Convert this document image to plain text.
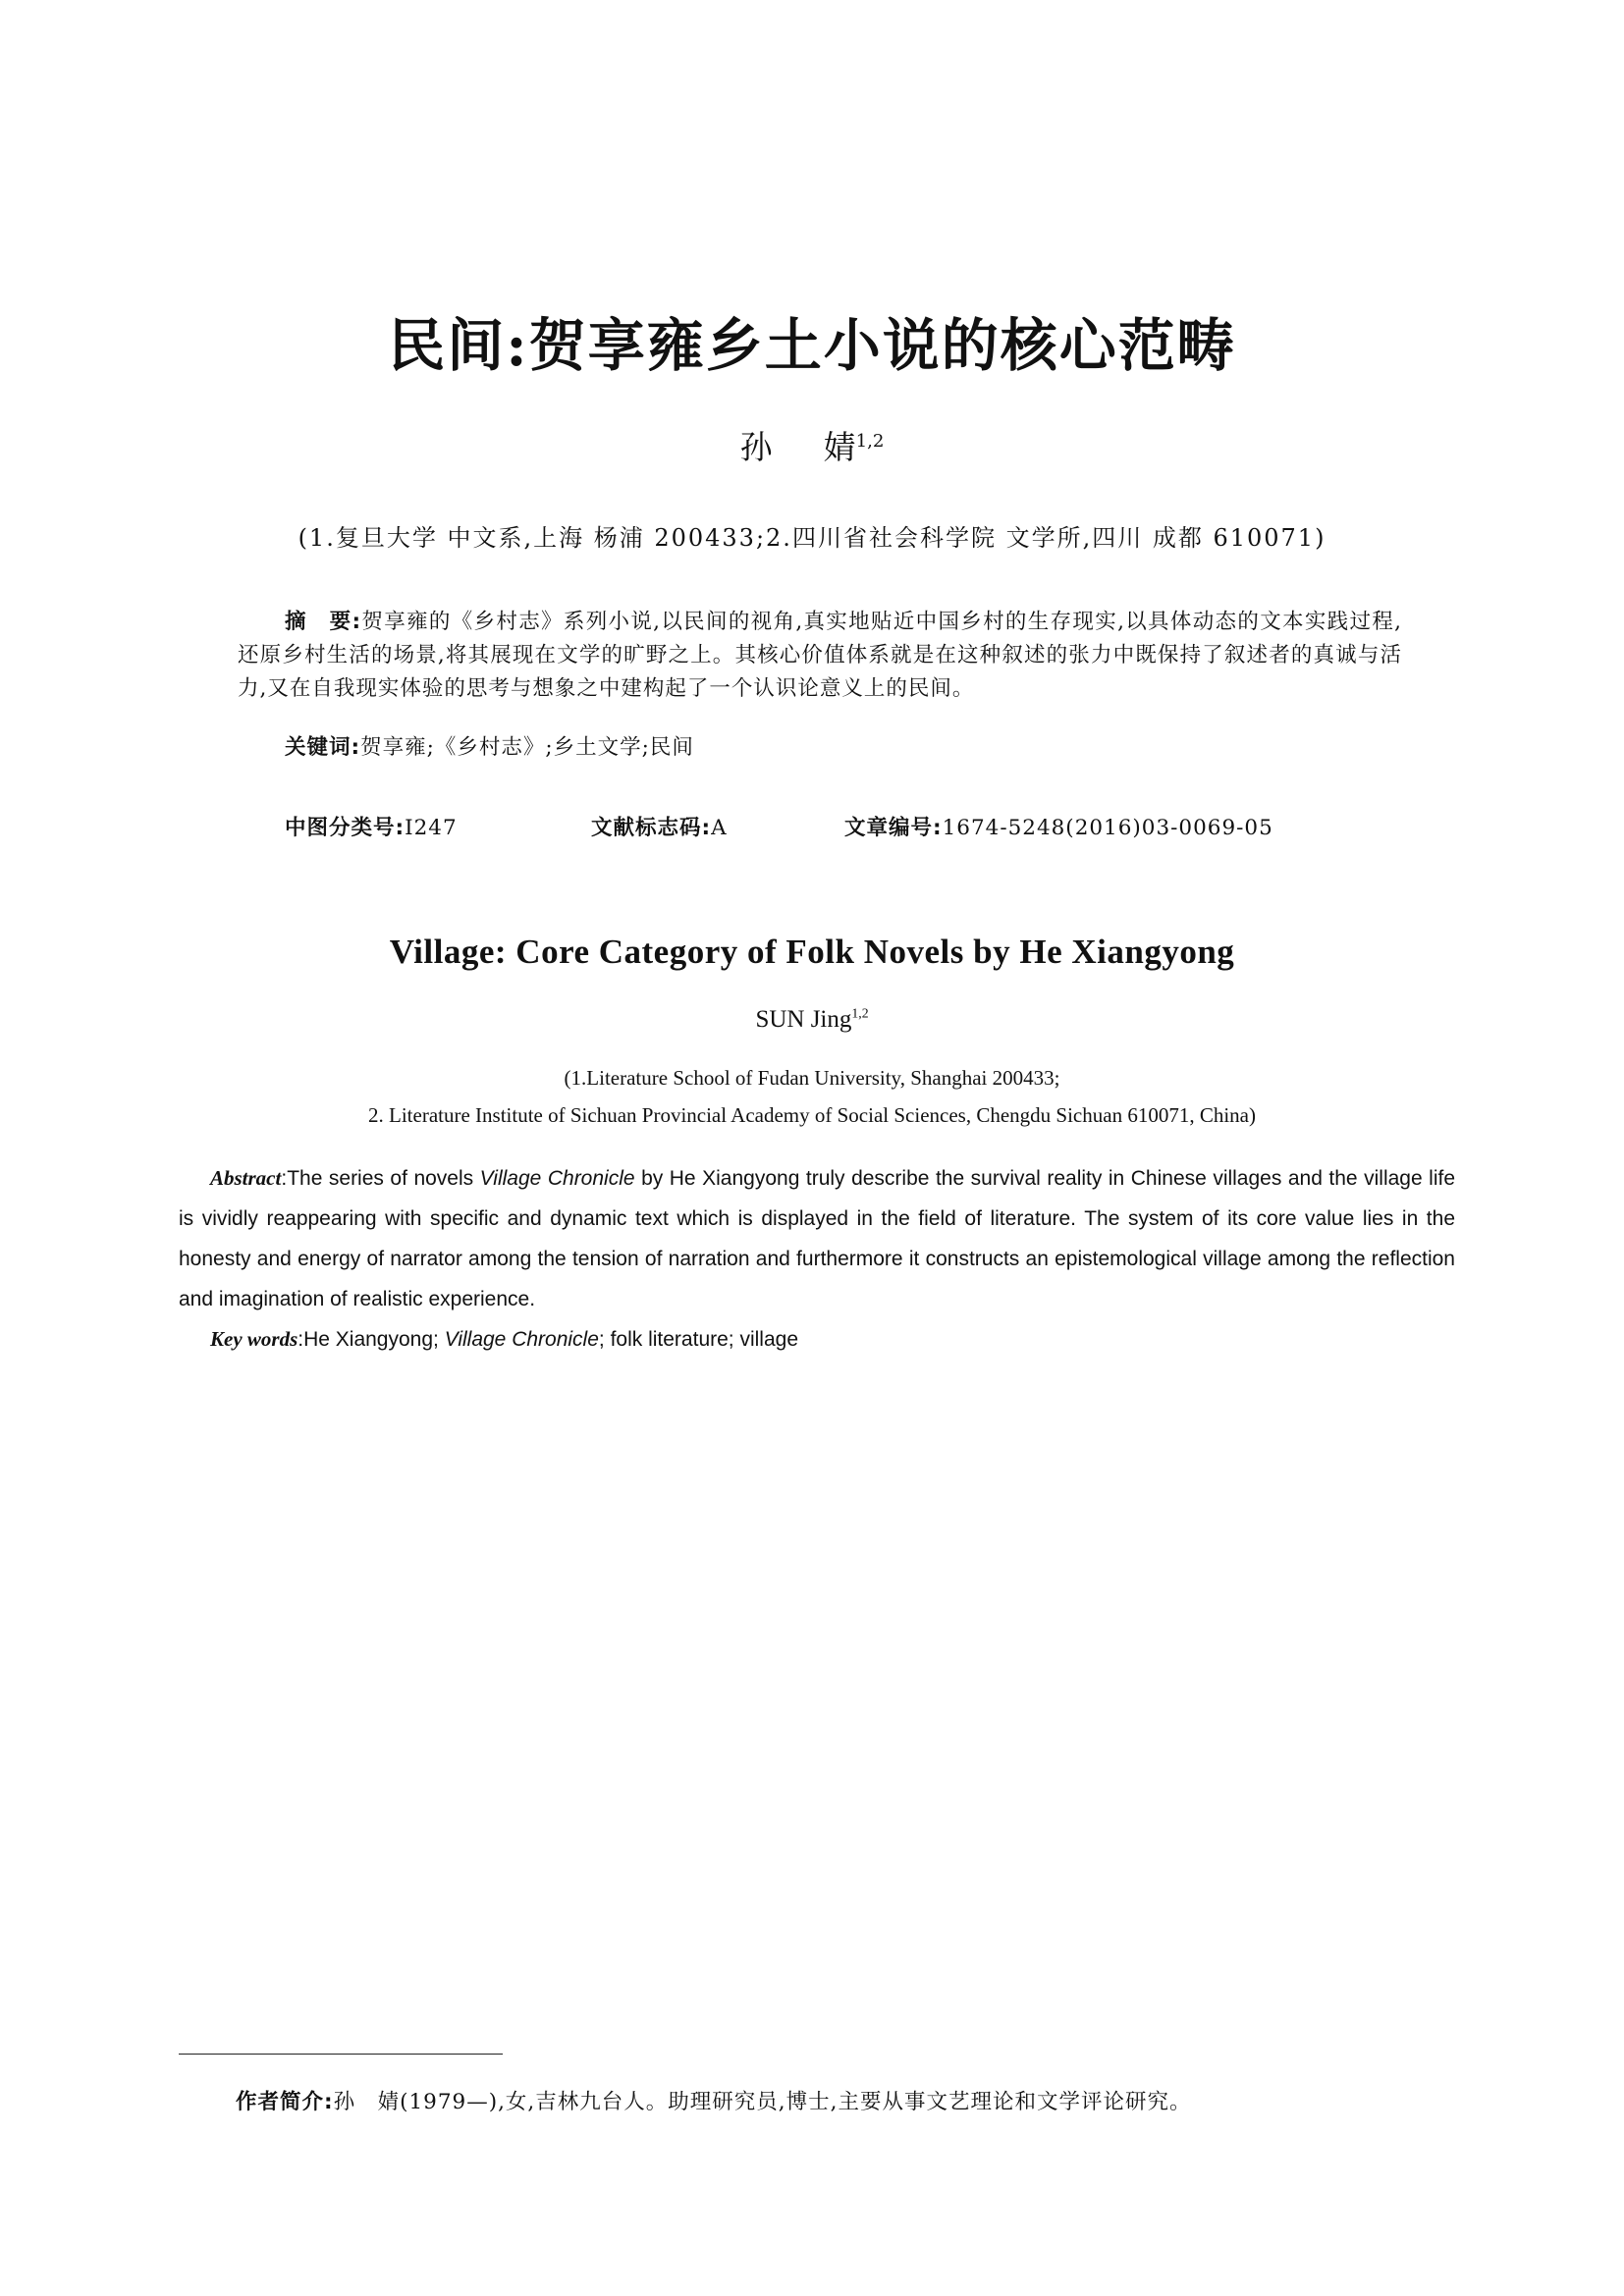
民间:贺享雍乡土小说的核心范畴
孙 婧$^{1,2}$
(1.复旦大学 中文系,上海 杨浦 200433;2.四川省社会科学院 文学所,四川 成都 610071)

摘　要:贺享雍的《乡村志》系列小说,以民间的视角,真实地贴近中国乡村的生存现实,以具体动态的文本实践过程,还原乡村生活的场景,将其展现在文学的旷野之上。其核心价值体系就是在这种叙述的张力中既保持了叙述者的真诚与活力,又在自我现实体验的思考与想象之中建构起了一个认识论意义上的民间。

关键词:贺享雍;《乡村志》;乡土文学;民间
中图分类号:I247	文献标志码:A	文章编号:1674-5248(2016)03-0069-05
Village: Core Category of Folk Novels by He Xiangyong
SUN Jing$^{1,2}$
(1.Literature School of Fudan University, Shanghai 200433;
2. Literature Institute of Sichuan Provincial Academy of Social Sciences, Chengdu Sichuan 610071, China)

Abstract:The series of novels Village Chronicle by He Xiangyong truly describe the survival reality in Chinese villages and the village life is vividly reappearing with specific and dynamic text which is displayed in the field of literature. The system of its core value lies in the honesty and energy of narrator among the tension of narration and furthermore it constructs an epistemological village among the reflection and imagination of realistic experience.

Key words:He Xiangyong; Village Chronicle; folk literature; village
作者简介:孙　婧(1979—),女,吉林九台人。助理研究员,博士,主要从事文艺理论和文学评论研究。
